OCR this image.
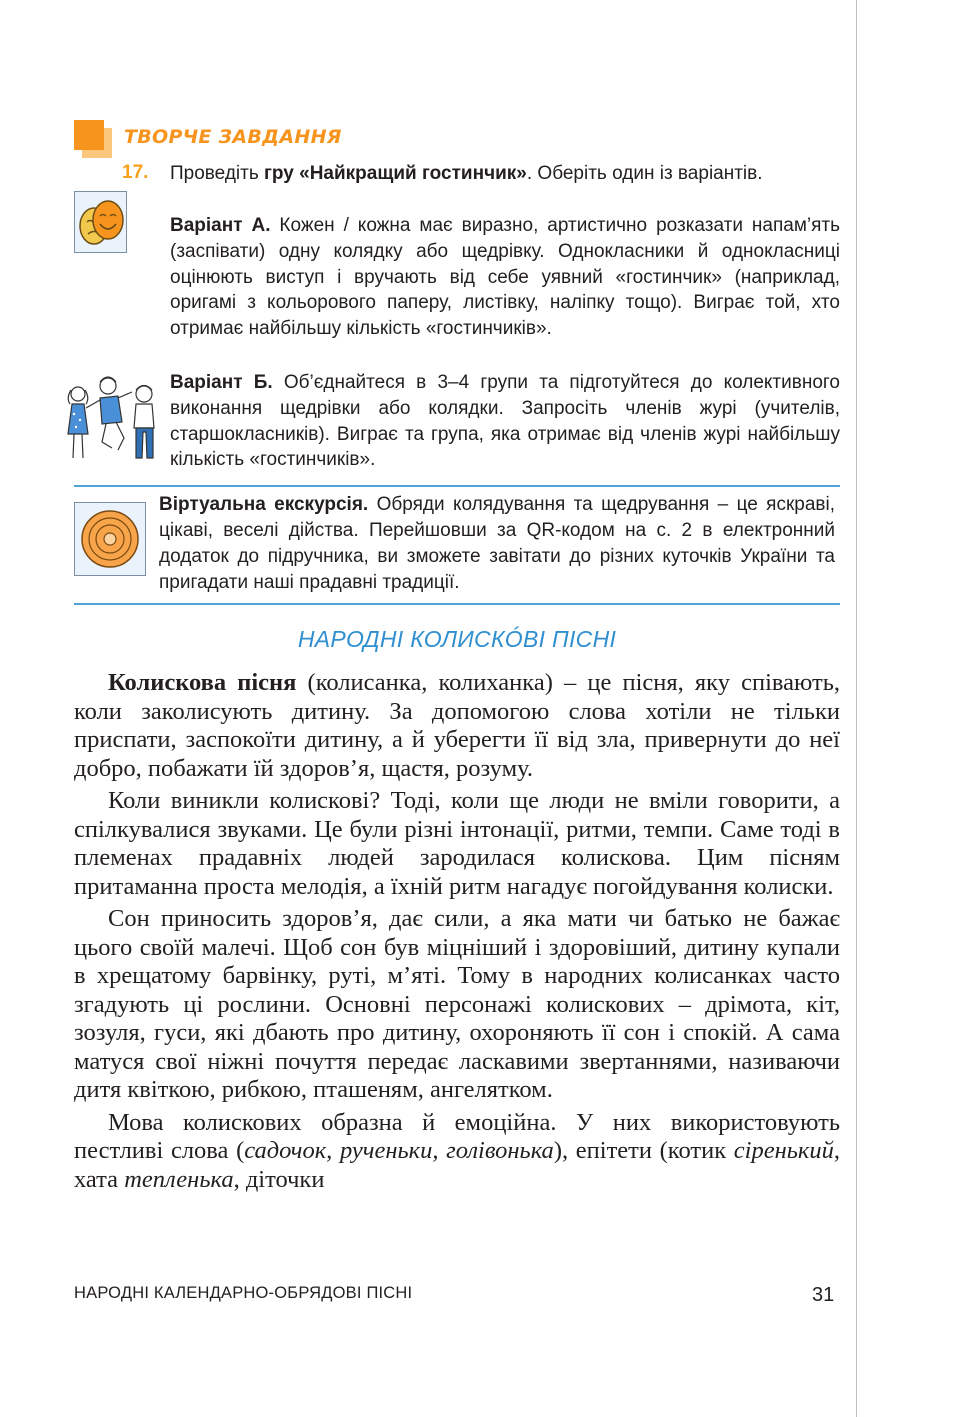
ТВОРЧЕ ЗАВДАННЯ
17. Проведіть гру «Найкращий гостинчик». Оберіть один із варіантів.
Варіант А. Кожен / кожна має виразно, артистично розказати напам’ять (заспівати) одну колядку або щедрівку. Однокласники й однокласниці оцінюють виступ і вручають від себе уявний «гостинчик» (наприклад, оригамі з кольорового паперу, листівку, наліпку тощо). Виграє той, хто отримає найбільшу кількість «гостинчиків».
Варіант Б. Об’єднайтеся в 3–4 групи та підготуйтеся до колективного виконання щедрівки або колядки. Запросіть членів журі (учителів, старшокласників). Виграє та група, яка отримає від членів журі найбільшу кількість «гостинчиків».
Віртуальна екскурсія. Обряди колядування та щедрування – це яскраві, цікаві, веселі дійства. Перейшовши за QR-кодом на с. 2 в електронний додаток до підручника, ви зможете завітати до різних куточків України та пригадати наші прадавні традиції.
НАРОДНІ КОЛИСКÓВІ ПІСНІ

Колискова пісня (колисанка, колиханка) – це пісня, яку співають, коли заколисують дитину. За допомогою слова хотіли не тільки приспати, заспокоїти дитину, а й уберегти її від зла, привернути до неї добро, побажати їй здоров’я, щастя, розуму.

Коли виникли колискові? Тоді, коли ще люди не вміли говорити, а спілкувалися звуками. Це були різні інтонації, ритми, темпи. Саме тоді в племенах прадавніх людей зародилася колискова. Цим пісням притаманна проста мелодія, а їхній ритм нагадує погойдування колиски.

Сон приносить здоров’я, дає сили, а яка мати чи батько не бажає цього своїй малечі. Щоб сон був міцніший і здоровіший, дитину купали в хрещатому барвінку, руті, м’яті. Тому в народних колисанках часто згадують ці рослини. Основні персонажі колискових – дрімота, кіт, зозуля, гуси, які дбають про дитину, охороняють її сон і спокій. А сама матуся свої ніжні почуття передає ласкавими звертаннями, називаючи дитя квіткою, рибкою, пташеням, ангелятком.

Мова колискових образна й емоційна. У них використовують пестливі слова (садочок, рученьки, голівонька), епітети (котик сіренький, хата тепленька, діточки

НАРОДНІ КАЛЕНДАРНО-ОБРЯДОВІ ПІСНІ	31
